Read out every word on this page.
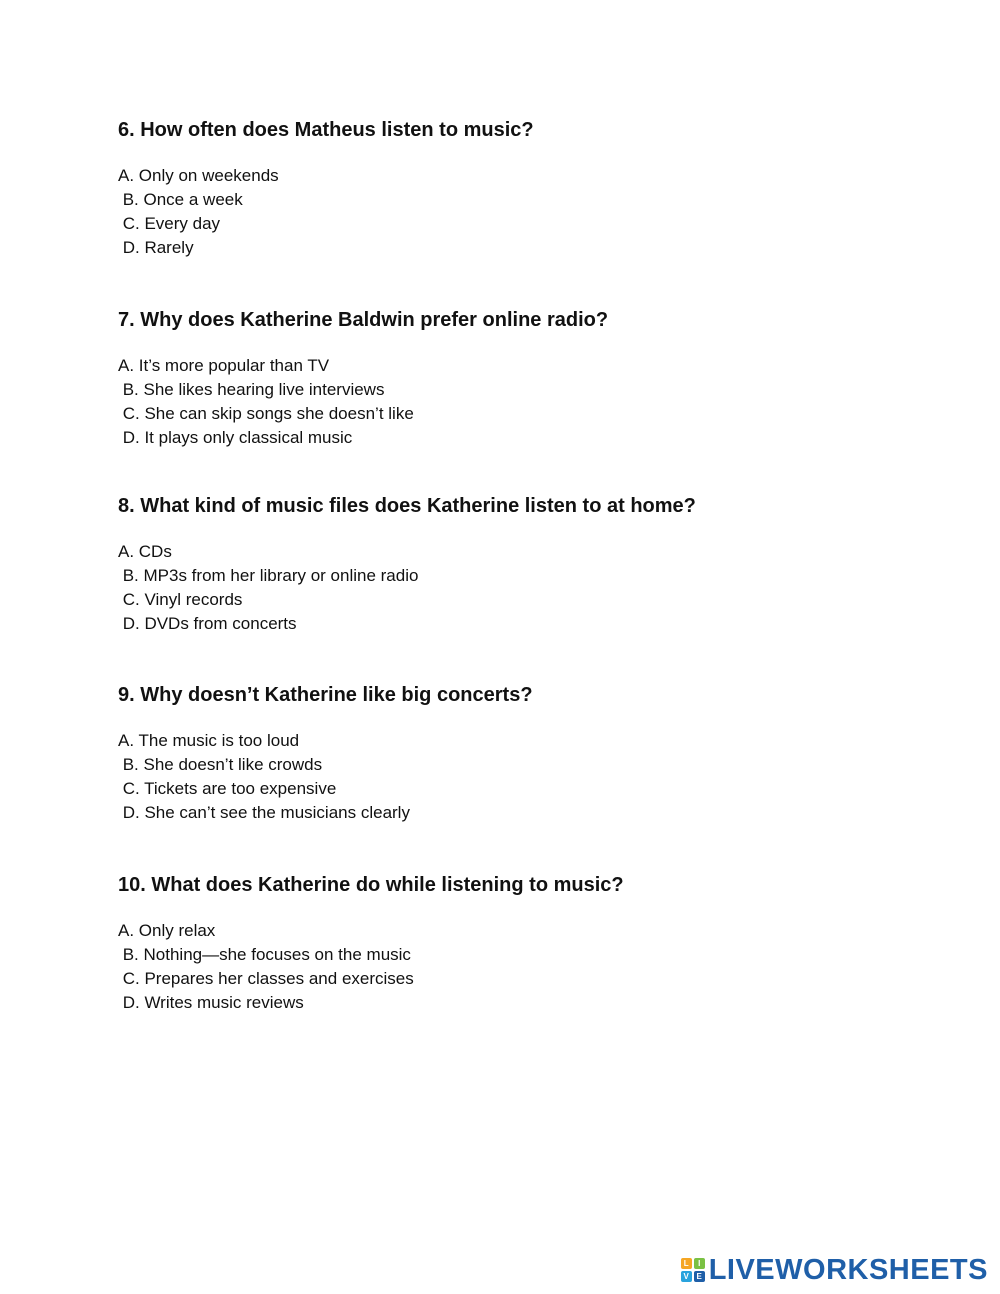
6. How often does Matheus listen to music?
A. Only on weekends
B. Once a week
C. Every day
D. Rarely
7. Why does Katherine Baldwin prefer online radio?
A. It’s more popular than TV
B. She likes hearing live interviews
C. She can skip songs she doesn’t like
D. It plays only classical music
8. What kind of music files does Katherine listen to at home?
A. CDs
B. MP3s from her library or online radio
C. Vinyl records
D. DVDs from concerts
9. Why doesn’t Katherine like big concerts?
A. The music is too loud
B. She doesn’t like crowds
C. Tickets are too expensive
D. She can’t see the musicians clearly
10. What does Katherine do while listening to music?
A. Only relax
B. Nothing—she focuses on the music
C. Prepares her classes and exercises
D. Writes music reviews
L	I
V E LIVEWORKSHEETS
